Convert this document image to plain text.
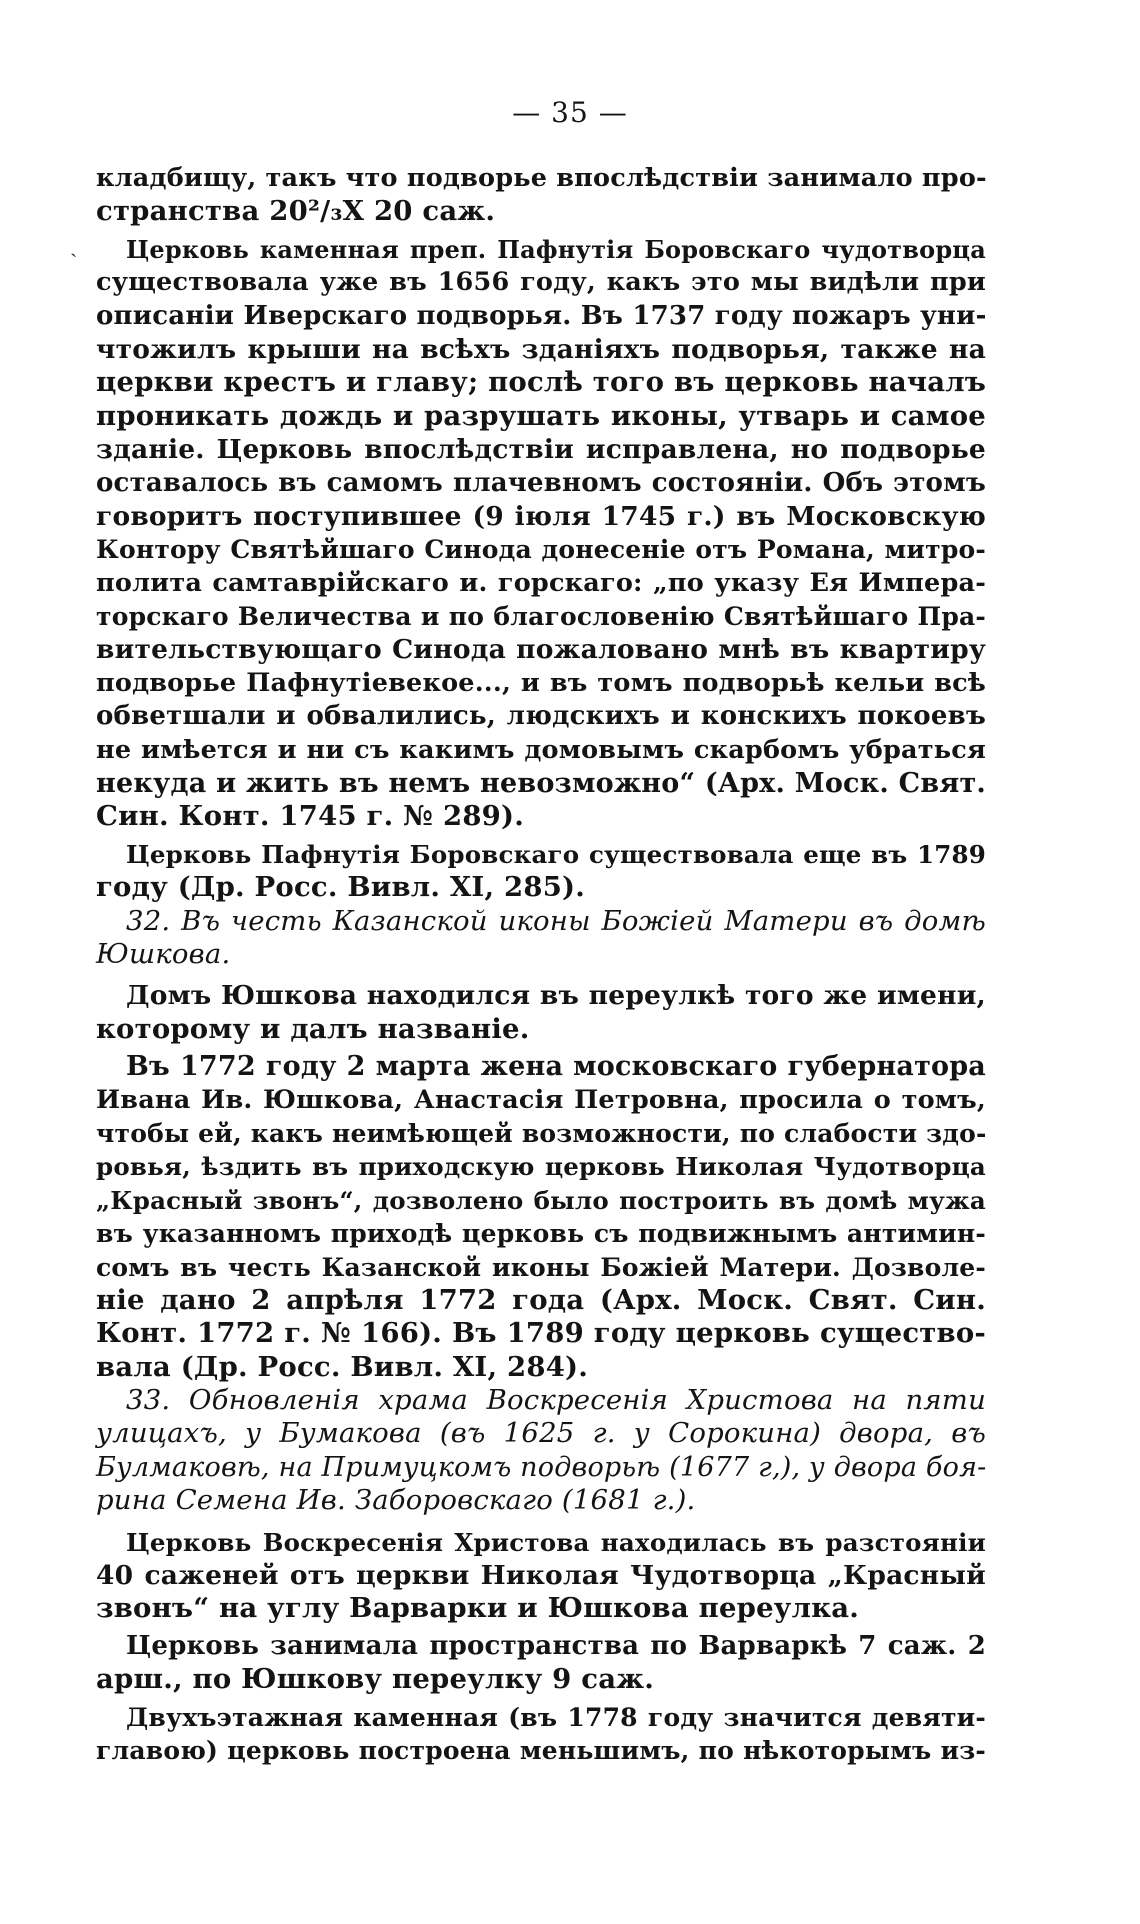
— 35 —
ˎ
кладбищу, такъ что подворье впослѣдствіи занимало про-
странства 20²/₃X 20 саж.
Церковь каменная преп. Пафнутія Боровскаго чудотворца
существовала уже въ 1656 году, какъ это мы видѣли при
описаніи Иверскаго подворья. Въ 1737 году пожаръ уни-
чтожилъ крыши на всѣхъ зданіяхъ подворья, также на
церкви крестъ и главу; послѣ того въ церковь началъ
проникать дождь и разрушать иконы, утварь и самое
зданіе. Церковь впослѣдствіи исправлена, но подворье
оставалось въ самомъ плачевномъ состояніи. Объ этомъ
говоритъ поступившее (9 іюля 1745 г.) въ Московскую
Контору Святѣйшаго Синода донесеніе отъ Романа, митро-
полита самтаврійскаго и. горскаго: „по указу Ея Импера-
торскаго Величества и по благословенію Святѣйшаго Пра-
вительствующаго Синода пожаловано мнѣ въ квартиру
подворье Пафнутіевекое..., и въ томъ подворьѣ кельи всѣ
обветшали и обвалились, людскихъ и конскихъ покоевъ
не имѣется и ни съ какимъ домовымъ скарбомъ убраться
некуда и жить въ немъ невозможно“ (Арх. Моск. Свят.
Син. Конт. 1745 г. № 289).
Церковь Пафнутія Боровскаго существовала еще въ 1789
году (Др. Росс. Вивл. XI, 285).
32. Въ честь Казанской иконы Божіей Матери въ домѣ
Юшкова.
Домъ Юшкова находился въ переулкѣ того же имени,
которому и далъ названіе.
Въ 1772 году 2 марта жена московскаго губернатора
Ивана Ив. Юшкова, Анастасія Петровна, просила о томъ,
чтобы ей, какъ неимѣющей возможности, по слабости здо-
ровья, ѣздить въ приходскую церковь Николая Чудотворца
„Красный звонъ“, дозволено было построить въ домѣ мужа
въ указанномъ приходѣ церковь съ подвижнымъ антимин-
сомъ въ честь Казанской иконы Божіей Матери. Дозволе-
ніе дано 2 апрѣля 1772 года (Арх. Моск. Свят. Син.
Конт. 1772 г. № 166). Въ 1789 году церковь существо-
вала (Др. Росс. Вивл. XI, 284).
33. Обновленія храма Воскресенія Христова на пяти
улицахъ, у Бумакова (въ 1625 г. у Сорокина) двора, въ
Булмаковѣ, на Примуцкомъ подворьѣ (1677 г,), у двора боя-
рина Семена Ив. Заборовскаго (1681 г.).
Церковь Воскресенія Христова находилась въ разстояніи
40 саженей отъ церкви Николая Чудотворца „Красный
звонъ“ на углу Варварки и Юшкова переулка.
Церковь занимала пространства по Варваркѣ 7 саж. 2
арш., по Юшкову переулку 9 саж.
Двухъэтажная каменная (въ 1778 году значится девяти-
главою) церковь построена меньшимъ, по нѣкоторымъ из-
